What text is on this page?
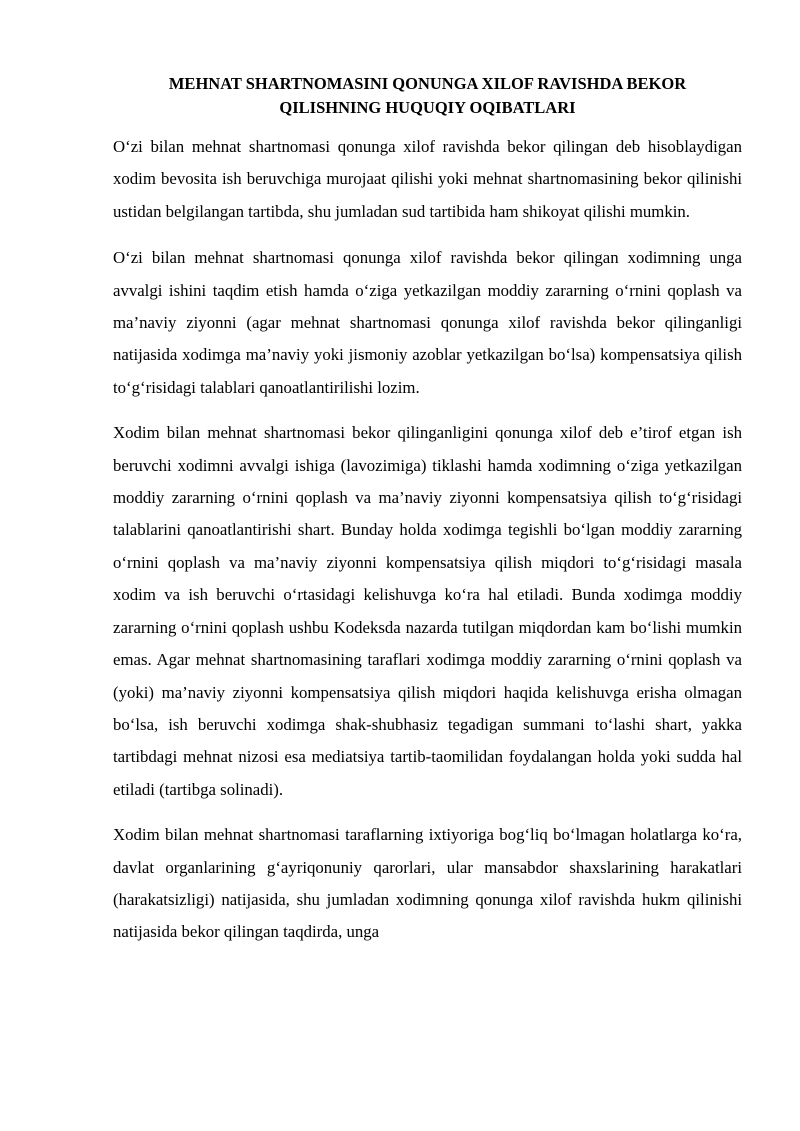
MEHNAT SHARTNOMASINI QONUNGA XILOF RAVISHDA BEKOR
QILISHNING HUQUQIY OQIBATLARI

O‘zi bilan mehnat shartnomasi qonunga xilof ravishda bekor qilingan deb hisoblaydigan xodim bevosita ish beruvchiga murojaat qilishi yoki mehnat shartnomasining bekor qilinishi ustidan belgilangan tartibda, shu jumladan sud tartibida ham shikoyat qilishi mumkin.

O‘zi bilan mehnat shartnomasi qonunga xilof ravishda bekor qilingan xodimning unga avvalgi ishini taqdim etish hamda o‘ziga yetkazilgan moddiy zararning o‘rnini qoplash va ma’naviy ziyonni (agar mehnat shartnomasi qonunga xilof ravishda bekor qilinganligi natijasida xodimga ma’naviy yoki jismoniy azoblar yetkazilgan bo‘lsa) kompensatsiya qilish to‘g‘risidagi talablari qanoatlantirilishi lozim.

Xodim bilan mehnat shartnomasi bekor qilinganligini qonunga xilof deb e’tirof etgan ish beruvchi xodimni avvalgi ishiga (lavozimiga) tiklashi hamda xodimning o‘ziga yetkazilgan moddiy zararning o‘rnini qoplash va ma’naviy ziyonni kompensatsiya qilish to‘g‘risidagi talablarini qanoatlantirishi shart. Bunday holda xodimga tegishli bo‘lgan moddiy zararning o‘rnini qoplash va ma’naviy ziyonni kompensatsiya qilish miqdori to‘g‘risidagi masala xodim va ish beruvchi o‘rtasidagi kelishuvga ko‘ra hal etiladi. Bunda xodimga moddiy zararning o‘rnini qoplash ushbu Kodeksda nazarda tutilgan miqdordan kam bo‘lishi mumkin emas. Agar mehnat shartnomasining taraflari xodimga moddiy zararning o‘rnini qoplash va (yoki) ma’naviy ziyonni kompensatsiya qilish miqdori haqida kelishuvga erisha olmagan bo‘lsa, ish beruvchi xodimga shak-shubhasiz tegadigan summani to‘lashi shart, yakka tartibdagi mehnat nizosi esa mediatsiya tartib-taomilidan foydalangan holda yoki sudda hal etiladi (tartibga solinadi).

Xodim bilan mehnat shartnomasi taraflarning ixtiyoriga bog‘liq bo‘lmagan holatlarga ko‘ra, davlat organlarining g‘ayriqonuniy qarorlari, ular mansabdor shaxslarining harakatlari (harakatsizligi) natijasida, shu jumladan xodimning qonunga xilof ravishda hukm qilinishi natijasida bekor qilingan taqdirda, unga
